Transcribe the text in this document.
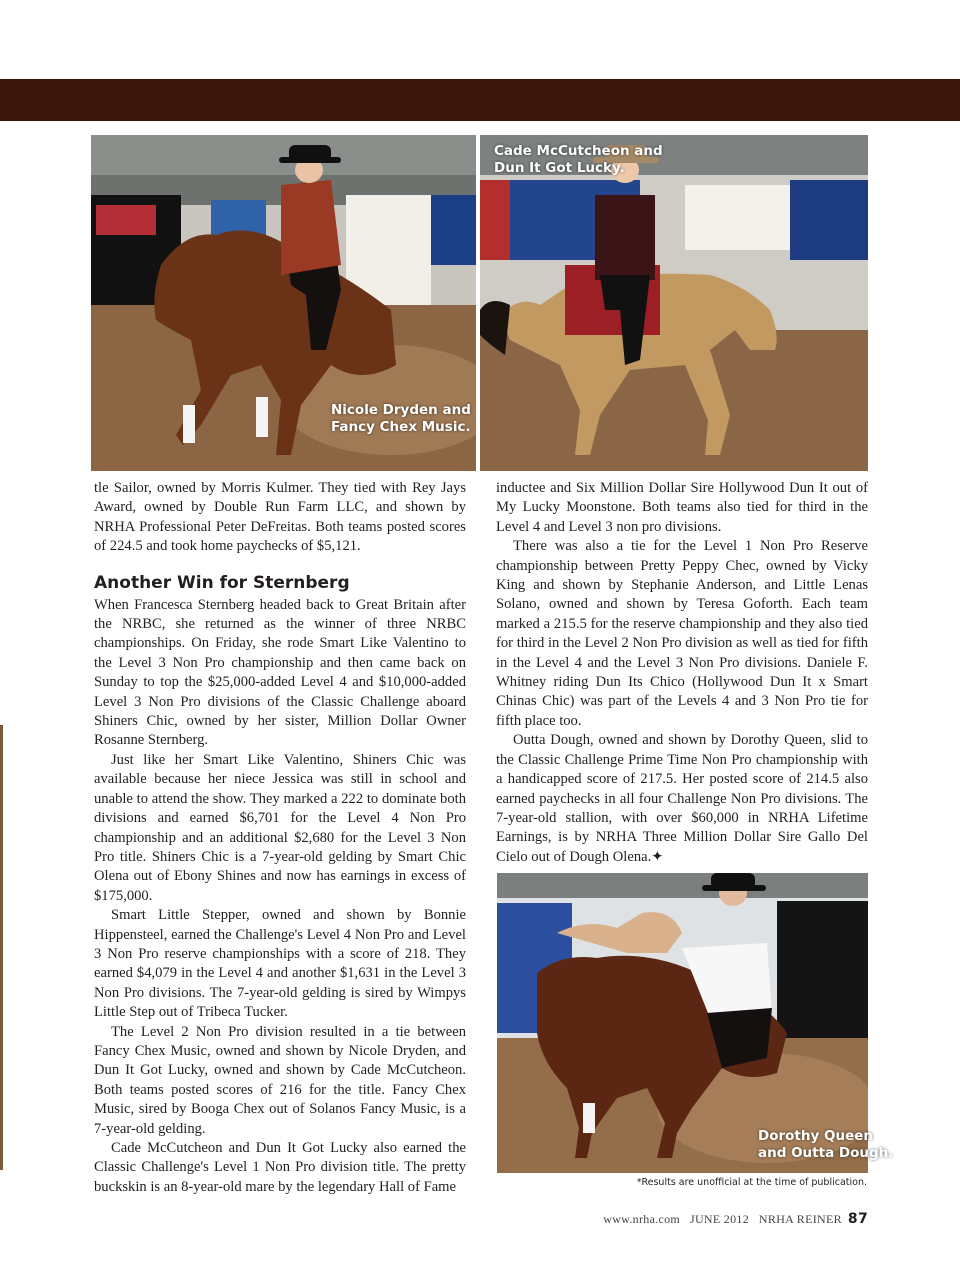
Nicole Dryden and
Fancy Chex Music.
Cade McCutcheon and
Dun It Got Lucky.
Dorothy Queen
and Outta Dough.

tle Sailor, owned by Morris Kulmer. They tied with Rey Jays Award, owned by Double Run Farm LLC, and shown by NRHA Professional Peter DeFreitas. Both teams posted scores of 224.5 and took home paychecks of $5,121.

Another Win for Sternberg

When Francesca Sternberg headed back to Great Britain after the NRBC, she returned as the winner of three NRBC championships. On Friday, she rode Smart Like Valentino to the Level 3 Non Pro championship and then came back on Sunday to top the $25,000-added Level 4 and $10,000-added Level 3 Non Pro divisions of the Classic Challenge aboard Shiners Chic, owned by her sister, Million Dollar Owner Rosanne Sternberg.

Just like her Smart Like Valentino, Shiners Chic was available because her niece Jessica was still in school and unable to attend the show. They marked a 222 to dominate both divisions and earned $6,701 for the Level 4 Non Pro championship and an additional $2,680 for the Level 3 Non Pro title. Shiners Chic is a 7-year-old gelding by Smart Chic Olena out of Ebony Shines and now has earnings in excess of $175,000.

Smart Little Stepper, owned and shown by Bonnie Hippensteel, earned the Challenge's Level 4 Non Pro and Level 3 Non Pro reserve championships with a score of 218. They earned $4,079 in the Level 4 and another $1,631 in the Level 3 Non Pro divisions. The 7-year-old gelding is sired by Wimpys Little Step out of Tribeca Tucker.

The Level 2 Non Pro division resulted in a tie between Fancy Chex Music, owned and shown by Nicole Dryden, and Dun It Got Lucky, owned and shown by Cade McCutcheon. Both teams posted scores of 216 for the title. Fancy Chex Music, sired by Booga Chex out of Solanos Fancy Music, is a 7-year-old gelding.

Cade McCutcheon and Dun It Got Lucky also earned the Classic Challenge's Level 1 Non Pro division title. The pretty buckskin is an 8-year-old mare by the legendary Hall of Fame

inductee and Six Million Dollar Sire Hollywood Dun It out of My Lucky Moonstone. Both teams also tied for third in the Level 4 and Level 3 non pro divisions.

There was also a tie for the Level 1 Non Pro Reserve championship between Pretty Peppy Chec, owned by Vicky King and shown by Stephanie Anderson, and Little Lenas Solano, owned and shown by Teresa Goforth. Each team marked a 215.5 for the reserve championship and they also tied for third in the Level 2 Non Pro division as well as tied for fifth in the Level 4 and the Level 3 Non Pro divisions. Daniele F. Whitney riding Dun Its Chico (Hollywood Dun It x Smart Chinas Chic) was part of the Levels 4 and 3 Non Pro tie for fifth place too.

Outta Dough, owned and shown by Dorothy Queen, slid to the Classic Challenge Prime Time Non Pro championship with a handicapped score of 217.5. Her posted score of 214.5 also earned paychecks in all four Challenge Non Pro divisions. The 7-year-old stallion, with over $60,000 in NRHA Lifetime Earnings, is by NRHA Three Million Dollar Sire Gallo Del Cielo out of Dough Olena.✦

*Results are unofficial at the time of publication.
www.nrha.com JUNE 2012 NRHA REINER 87
